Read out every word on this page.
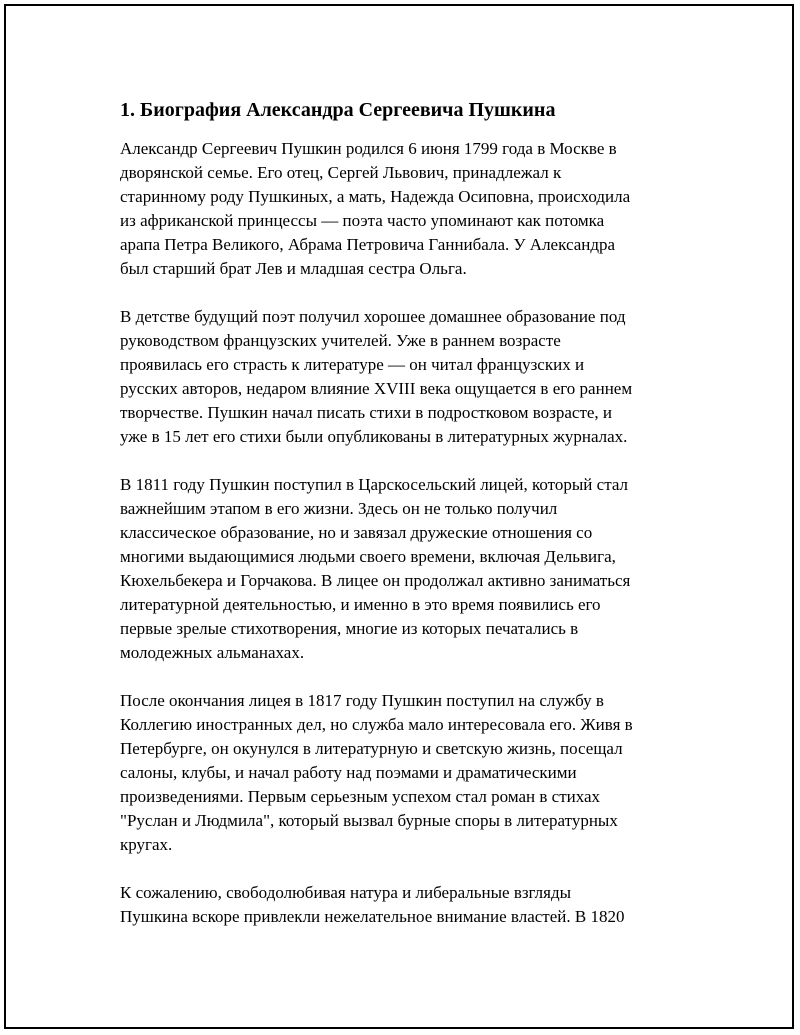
1. Биография Александра Сергеевича Пушкина

Александр Сергеевич Пушкин родился 6 июня 1799 года в Москве в
дворянской семье. Его отец, Сергей Львович, принадлежал к
старинному роду Пушкиных, а мать, Надежда Осиповна, происходила
из африканской принцессы — поэта часто упоминают как потомка
арапа Петра Великого, Абрама Петровича Ганнибала. У Александра
был старший брат Лев и младшая сестра Ольга.

В детстве будущий поэт получил хорошее домашнее образование под
руководством французских учителей. Уже в раннем возрасте
проявилась его страсть к литературе — он читал французских и
русских авторов, недаром влияние XVIII века ощущается в его раннем
творчестве. Пушкин начал писать стихи в подростковом возрасте, и
уже в 15 лет его стихи были опубликованы в литературных журналах.

В 1811 году Пушкин поступил в Царскосельский лицей, который стал
важнейшим этапом в его жизни. Здесь он не только получил
классическое образование, но и завязал дружеские отношения со
многими выдающимися людьми своего времени, включая Дельвига,
Кюхельбекера и Горчакова. В лицее он продолжал активно заниматься
литературной деятельностью, и именно в это время появились его
первые зрелые стихотворения, многие из которых печатались в
молодежных альманахах.

После окончания лицея в 1817 году Пушкин поступил на службу в
Коллегию иностранных дел, но служба мало интересовала его. Живя в
Петербурге, он окунулся в литературную и светскую жизнь, посещал
салоны, клубы, и начал работу над поэмами и драматическими
произведениями. Первым серьезным успехом стал роман в стихах
"Руслан и Людмила", который вызвал бурные споры в литературных
кругах.

К сожалению, свободолюбивая натура и либеральные взгляды
Пушкина вскоре привлекли нежелательное внимание властей. В 1820
